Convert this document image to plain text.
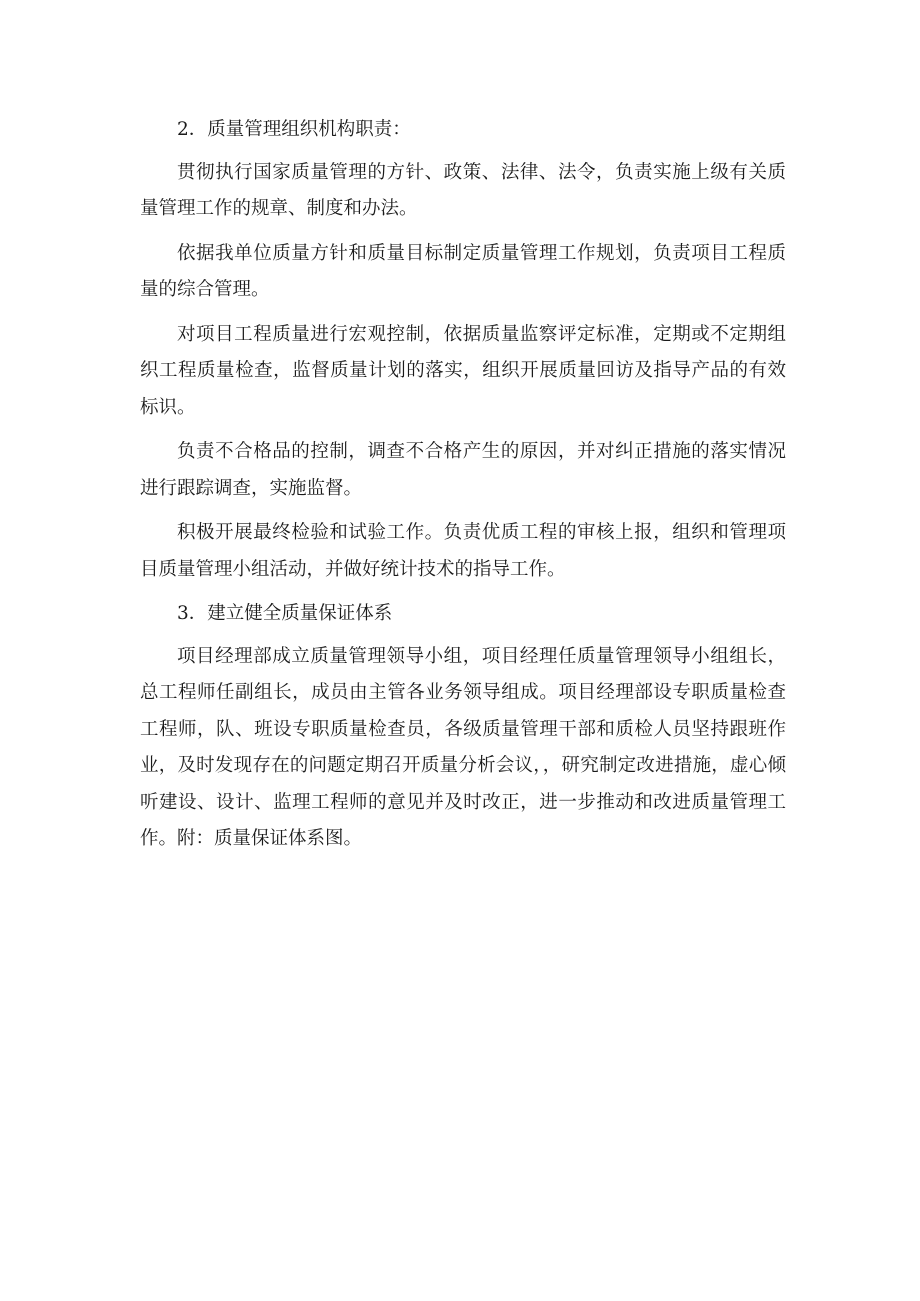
2．质量管理组织机构职责：

贯彻执行国家质量管理的方针、政策、法律、法令，负责实施上级有关质量管理工作的规章、制度和办法。

依据我单位质量方针和质量目标制定质量管理工作规划，负责项目工程质量的综合管理。

对项目工程质量进行宏观控制，依据质量监察评定标准，定期或不定期组织工程质量检查，监督质量计划的落实，组织开展质量回访及指导产品的有效标识。

负责不合格品的控制，调查不合格产生的原因，并对纠正措施的落实情况进行跟踪调查，实施监督。

积极开展最终检验和试验工作。负责优质工程的审核上报，组织和管理项目质量管理小组活动，并做好统计技术的指导工作。

3．建立健全质量保证体系

项目经理部成立质量管理领导小组，项目经理任质量管理领导小组组长，总工程师任副组长，成员由主管各业务领导组成。项目经理部设专职质量检查工程师，队、班设专职质量检查员，各级质量管理干部和质检人员坚持跟班作业，及时发现存在的问题定期召开质量分析会议，，研究制定改进措施，虚心倾听建设、设计、监理工程师的意见并及时改正，进一步推动和改进质量管理工作。附：质量保证体系图。
